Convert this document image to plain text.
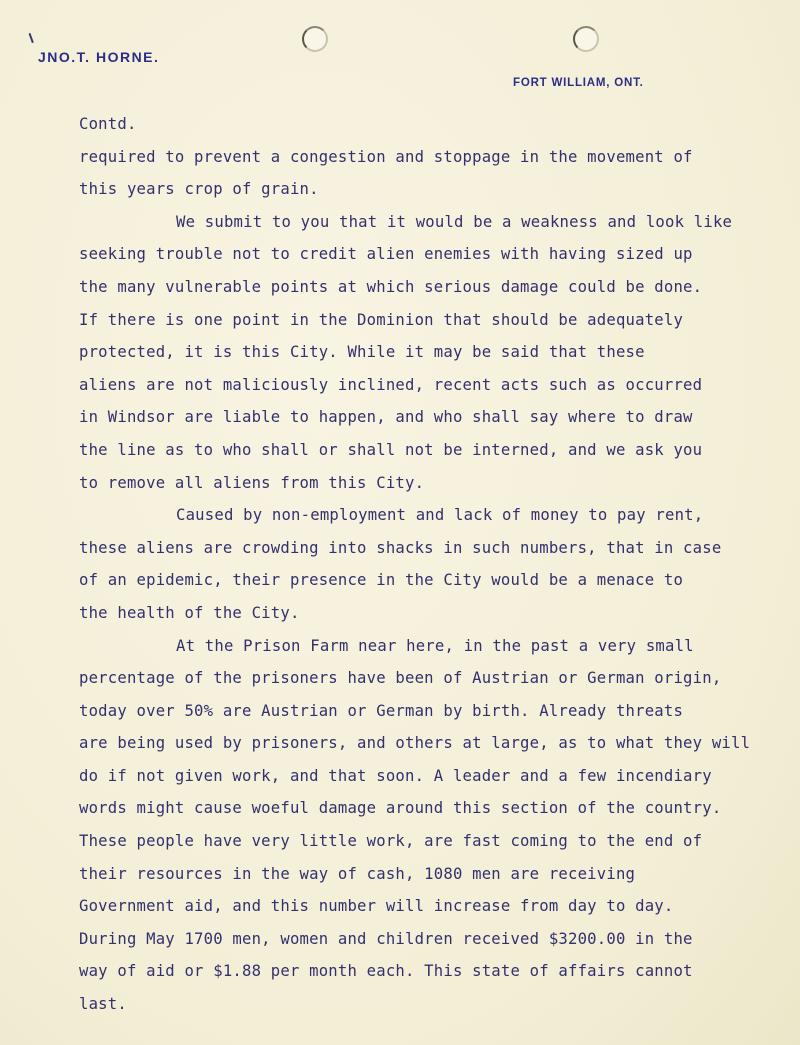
JNO.T. HORNE.
FORT WILLIAM, ONT.
Contd.
required to prevent a congestion and stoppage in the movement of
this years crop of grain.
We submit to you that it would be a weakness and look like
seeking trouble not to credit alien enemies with having sized up
the many vulnerable points at which serious damage could be done.
If there is one point in the Dominion that should be adequately
protected, it is this City. While it may be said that these
aliens are not maliciously inclined, recent acts such as occurred
in Windsor are liable to happen, and who shall say where to draw
the line as to who shall or shall not be interned, and we ask you
to remove all aliens from this City.
Caused by non-employment and lack of money to pay rent,
these aliens are crowding into shacks in such numbers, that in case
of an epidemic, their presence in the City would be a menace to
the health of the City.
At the Prison Farm near here, in the past a very small
percentage of the prisoners have been of Austrian or German origin,
today over 50% are Austrian or German by birth. Already threats
are being used by prisoners, and others at large, as to what they will
do if not given work, and that soon. A leader and a few incendiary
words might cause woeful damage around this section of the country.
These people have very little work, are fast coming to the end of
their resources in the way of cash, 1080 men are receiving
Government aid, and this number will increase from day to day.
During May 1700 men, women and children received $3200.00 in the
way of aid or $1.88 per month each. This state of affairs cannot
last.
